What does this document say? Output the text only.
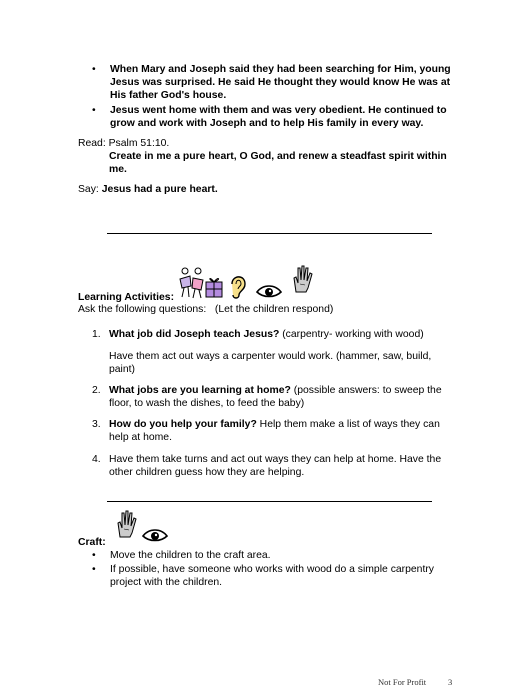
• When Mary and Joseph said they had been searching for Him, young Jesus was surprised. He said He thought they would know He was at His father God's house.
• Jesus went home with them and was very obedient. He continued to grow and work with Joseph and to help His family in every way.
Read: Psalm 51:10.
Create in me a pure heart, O God, and renew a steadfast spirit within me.
Say: Jesus had a pure heart.
Learning Activities:
Ask the following questions: (Let the children respond)
1. What job did Joseph teach Jesus? (carpentry- working with wood)
Have them act out ways a carpenter would work. (hammer, saw, build, paint)
2. What jobs are you learning at home? (possible answers: to sweep the floor, to wash the dishes, to feed the baby)
3. How do you help your family? Help them make a list of ways they can help at home.
4. Have them take turns and act out ways they can help at home. Have the other children guess how they are helping.
Craft:
• Move the children to the craft area.
• If possible, have someone who works with wood do a simple carpentry project with the children.
Not For Profit	3
